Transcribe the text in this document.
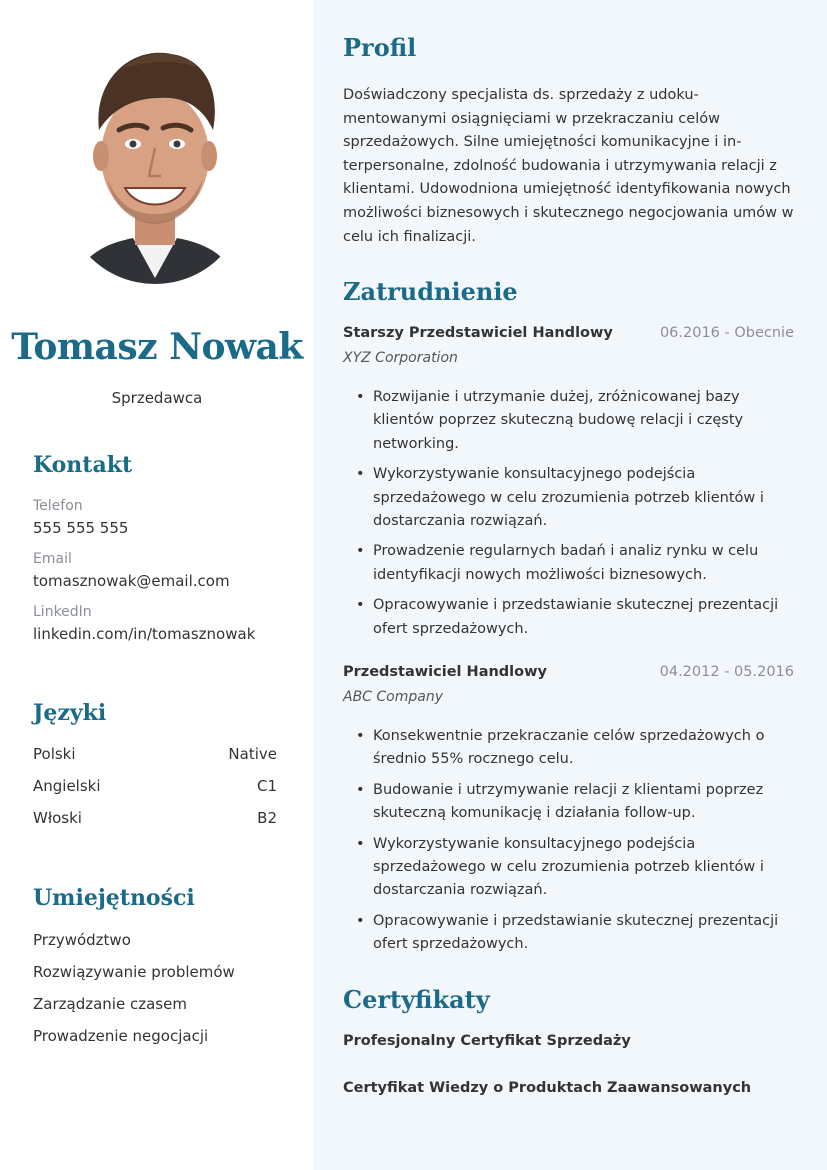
Tomasz Nowak
Sprzedawca
Kontakt
Telefon
555 555 555
Email
tomasznowak@email.com
LinkedIn
linkedin.com/in/tomasznowak
Języki
Polski	Native
Angielski	C1
Włoski	B2
Umiejętności
Przywództwo
Rozwiązywanie problemów
Zarządzanie czasem
Prowadzenie negocjacji
Profil
Doświadczony specjalista ds. sprzedaży z udokumentowanymi osiągnięciami w przekraczaniu celów sprzedażowych. Silne umiejętności komunikacyjne i interpersonalne, zdolność budowania i utrzymywania relacji z klientami. Udowodniona umiejętność identyfikowania nowych możliwości biznesowych i skutecznego negocjowania umów w celu ich finalizacji.
Zatrudnienie
Starszy Przedstawiciel Handlowy	06.2016 - Obecnie
XYZ Corporation
• Rozwijanie i utrzymanie dużej, zróżnicowanej bazy klientów poprzez skuteczną budowę relacji i częsty networking.
• Wykorzystywanie konsultacyjnego podejścia sprzedażowego w celu zrozumienia potrzeb klientów i dostarczania rozwiązań.
• Prowadzenie regularnych badań i analiz rynku w celu identyfikacji nowych możliwości biznesowych.
• Opracowywanie i przedstawianie skutecznej prezentacji ofert sprzedażowych.
Przedstawiciel Handlowy	04.2012 - 05.2016
ABC Company
• Konsekwentnie przekraczanie celów sprzedażowych o średnio 55% rocznego celu.
• Budowanie i utrzymywanie relacji z klientami poprzez skuteczną komunikację i działania follow-up.
• Wykorzystywanie konsultacyjnego podejścia sprzedażowego w celu zrozumienia potrzeb klientów i dostarczania rozwiązań.
• Opracowywanie i przedstawianie skutecznej prezentacji ofert sprzedażowych.
Certyfikaty
Profesjonalny Certyfikat Sprzedaży
Certyfikat Wiedzy o Produktach Zaawansowanych
